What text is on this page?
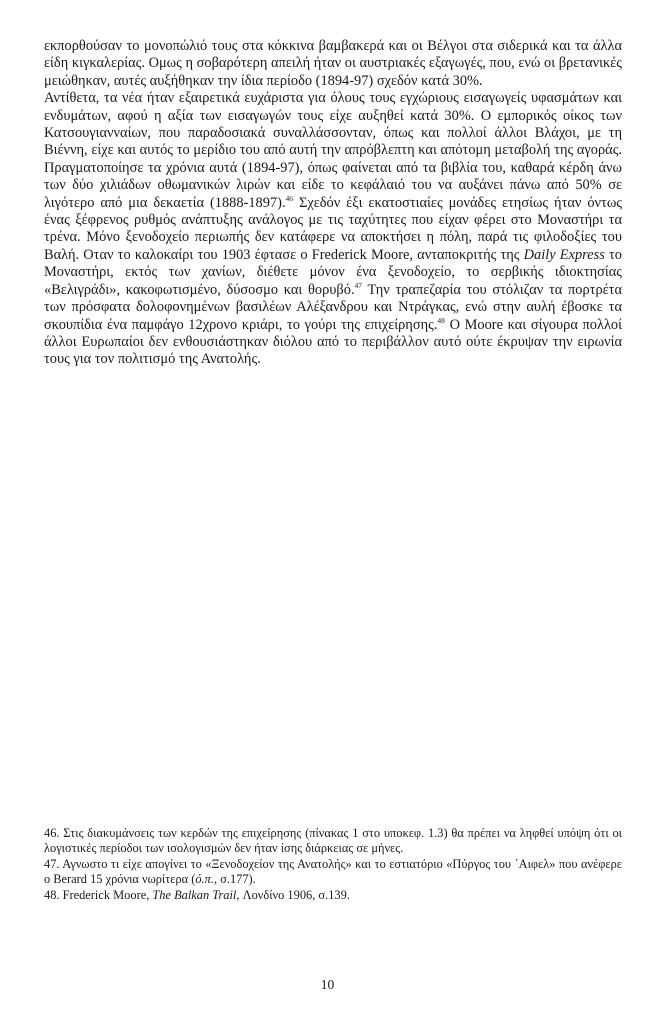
εκπορθούσαν το μονοπώλιό τους στα κόκκινα βαμβακερά και οι Βέλγοι στα σιδερικά και τα άλλα είδη κιγκαλερίας. Ομως η σοβαρότερη απειλή ήταν οι αυστριακές εξαγωγές, που, ενώ οι βρετανικές μειώθηκαν, αυτές αυξήθηκαν την ίδια περίοδο (1894-97) σχεδόν κατά 30%.

Αντίθετα, τα νέα ήταν εξαιρετικά ευχάριστα για όλους τους εγχώριους εισαγωγείς υφασμάτων και ενδυμάτων, αφού η αξία των εισαγωγών τους είχε αυξηθεί κατά 30%. Ο εμπορικός οίκος των Κατσουγιανναίων, που παραδοσιακά συναλλάσσονταν, όπως και πολλοί άλλοι Βλάχοι, με τη Βιέννη, είχε και αυτός το μερίδιο του από αυτή την απρόβλεπτη και απότομη μεταβολή της αγοράς. Πραγματοποίησε τα χρόνια αυτά (1894-97), όπως φαίνεται από τα βιβλία του, καθαρά κέρδη άνω των δύο χιλιάδων οθωμανικών λιρών και είδε το κεφάλαιό του να αυξάνει πάνω από 50% σε λιγότερο από μια δεκαετία (1888-1897).$^{46}$ Σχεδόν έξι εκατοστιαίες μονάδες ετησίως ήταν όντως ένας ξέφρενος ρυθμός ανάπτυξης ανάλογος με τις ταχύτητες που είχαν φέρει στο Μοναστήρι τα τρένα. Μόνο ξενοδοχείο περιωπής δεν κατάφερε να αποκτήσει η πόλη, παρά τις φιλοδοξίες του Βαλή. Οταν το καλοκαίρι του 1903 έφτασε ο Frederick Moore, ανταποκριτής της Daily Express το Μοναστήρι, εκτός των χανίων, διέθετε μόνον ένα ξενοδοχείο, το σερβικής ιδιοκτησίας «Βελιγράδι», κακοφωτισμένο, δύσοσμο και θορυβό.$^{47}$ Την τραπεζαρία του στόλιζαν τα πορτρέτα των πρόσφατα δολοφονημένων βασιλέων Αλέξανδρου και Ντράγκας, ενώ στην αυλή έβοσκε τα σκουπίδια ένα παμφάγο 12χρονο κριάρι, το γούρι της επιχείρησης.$^{48}$ Ο Moore και σίγουρα πολλοί άλλοι Ευρωπαίοι δεν ενθουσιάστηκαν διόλου από το περιβάλλον αυτό ούτε έκρυψαν την ειρωνία τους για τον πολιτισμό της Ανατολής.

46. Στις διακυμάνσεις των κερδών της επιχείρησης (πίνακας 1 στο υποκεφ. 1.3) θα πρέπει να ληφθεί υπόψη ότι οι λογιστικές περίοδοι των ισολογισμών δεν ήταν ίσης διάρκειας σε μήνες.

47. Αγνωστο τι είχε απογίνει το «Ξενοδοχείον της Ανατολής» και το εστιατόριο «Πύργος του ΄Αιφελ» που ανέφερε ο Berard 15 χρόνια νωρίτερα (ό.π., σ.177).

48. Frederick Moore, The Balkan Trail, Λονδίνο 1906, σ.139.

10
